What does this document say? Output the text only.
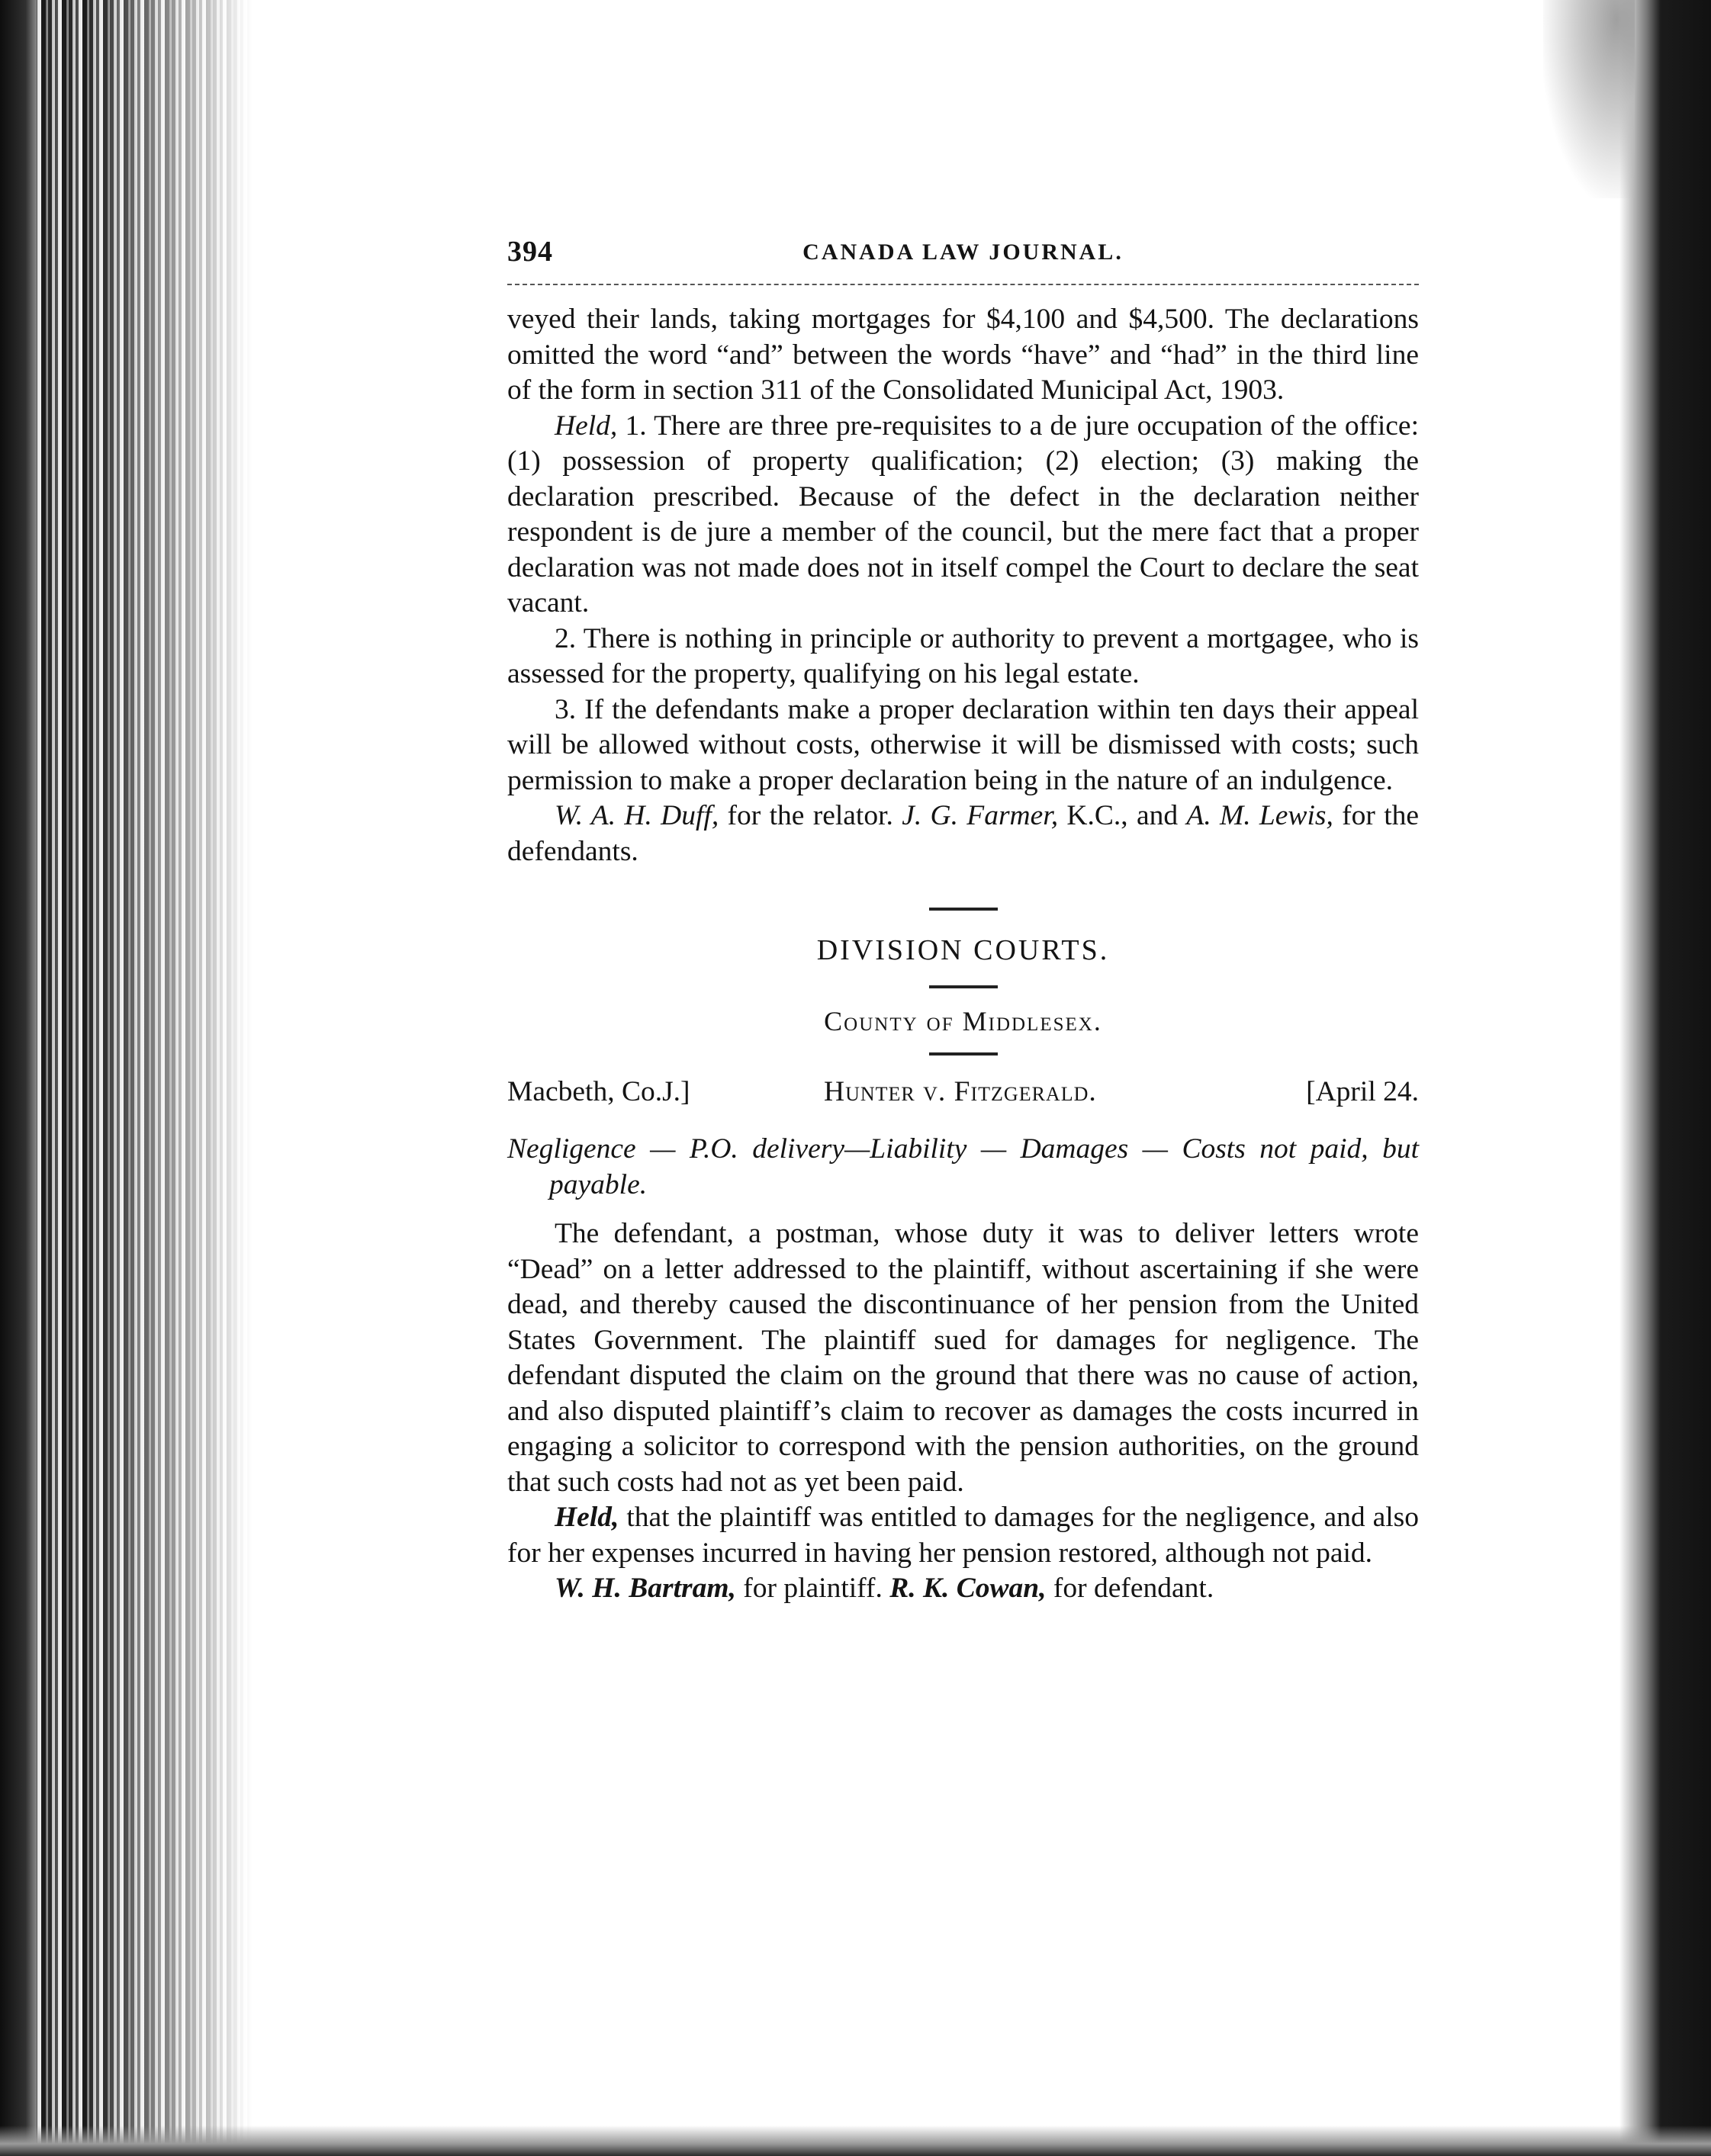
394	CANADA LAW JOURNAL.

veyed their lands, taking mortgages for $4,100 and $4,500. The declarations omitted the word “and” between the words “have” and “had” in the third line of the form in section 311 of the Consolidated Municipal Act, 1903.

Held, 1. There are three pre-requisites to a de jure occupation of the office: (1) possession of property qualification; (2) election; (3) making the declaration prescribed. Because of the defect in the declaration neither respondent is de jure a member of the council, but the mere fact that a proper declaration was not made does not in itself compel the Court to declare the seat vacant.

2. There is nothing in principle or authority to prevent a mortgagee, who is assessed for the property, qualifying on his legal estate.

3. If the defendants make a proper declaration within ten days their appeal will be allowed without costs, otherwise it will be dismissed with costs; such permission to make a proper declaration being in the nature of an indulgence.

W. A. H. Duff, for the relator. J. G. Farmer, K.C., and A. M. Lewis, for the defendants.

DIVISION COURTS.
County of Middlesex.
Macbeth, Co.J.]	Hunter v. Fitzgerald.	[April 24.

Negligence — P.O. delivery—Liability — Damages — Costs not paid, but payable.

The defendant, a postman, whose duty it was to deliver letters wrote “Dead” on a letter addressed to the plaintiff, without ascertaining if she were dead, and thereby caused the discontinuance of her pension from the United States Government. The plaintiff sued for damages for negligence. The defendant disputed the claim on the ground that there was no cause of action, and also disputed plaintiff’s claim to recover as damages the costs incurred in engaging a solicitor to correspond with the pension authorities, on the ground that such costs had not as yet been paid.

Held, that the plaintiff was entitled to damages for the negligence, and also for her expenses incurred in having her pension restored, although not paid.

W. H. Bartram, for plaintiff. R. K. Cowan, for defendant.
